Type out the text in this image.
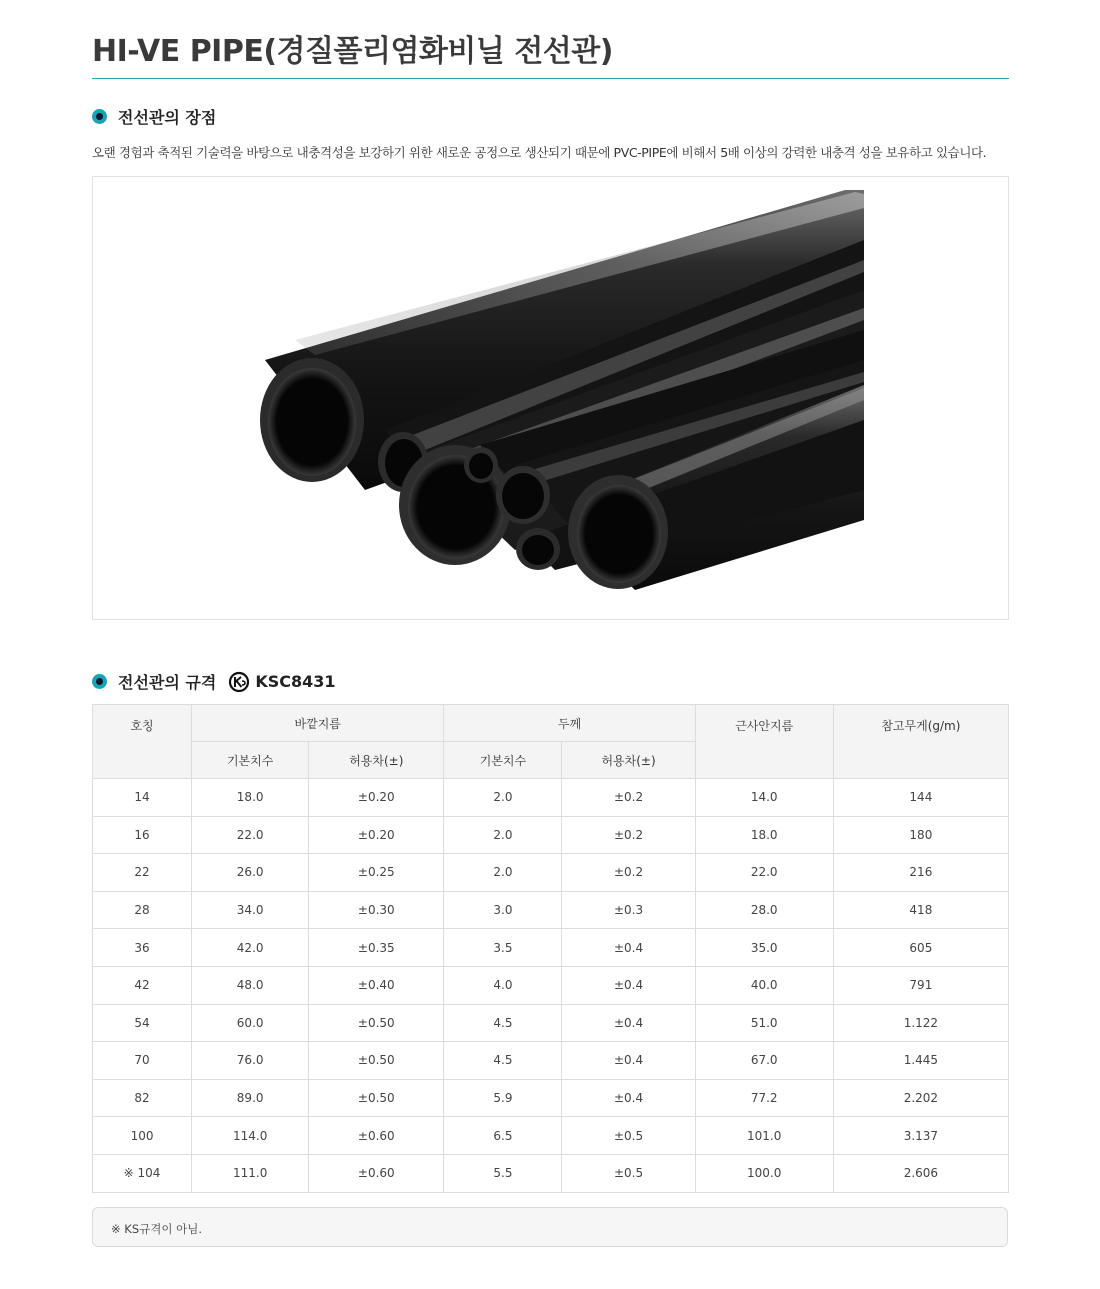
HI-VE PIPE(경질폴리염화비닐 전선관)
전선관의 장점
오랜 경험과 축적된 기술력을 바탕으로 내충격성을 보강하기 위한 새로운 공정으로 생산되기 때문에 PVC-PIPE에 비해서 5배 이상의 강력한 내충격 성을 보유하고 있습니다.
전선관의 규격 KSC8431
호칭	바깥지름		두께		근사안지름	참고무게(g/m)
	기본치수	허용차(±)	기본치수	허용차(±)		
14	18.0	±0.20	2.0	±0.2	14.0	144
16	22.0	±0.20	2.0	±0.2	18.0	180
22	26.0	±0.25	2.0	±0.2	22.0	216
28	34.0	±0.30	3.0	±0.3	28.0	418
36	42.0	±0.35	3.5	±0.4	35.0	605
42	48.0	±0.40	4.0	±0.4	40.0	791
54	60.0	±0.50	4.5	±0.4	51.0	1.122
70	76.0	±0.50	4.5	±0.4	67.0	1.445
82	89.0	±0.50	5.9	±0.4	77.2	2.202
100	114.0	±0.60	6.5	±0.5	101.0	3.137
※ 104	111.0	±0.60	5.5	±0.5	100.0	2.606
※ KS규격이 아님.
